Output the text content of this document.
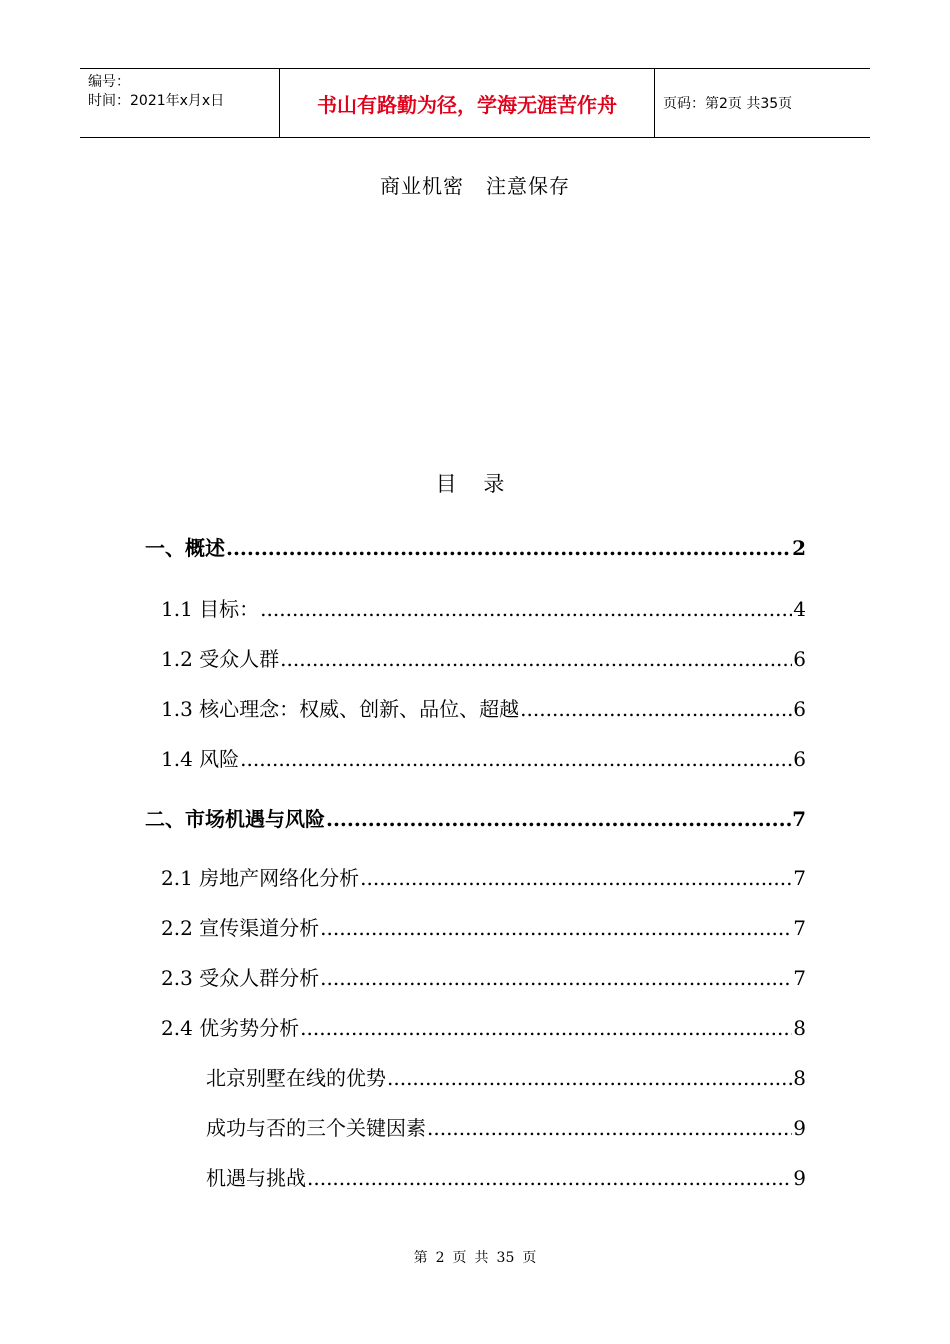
编号：
时间：2021年x月x日	书山有路勤为径，学海无涯苦作舟	页码：第2页 共35页
商业机密 注意保存
目 录
一、概述 .....	2
1.1 目标： .....	4
1.2 受众人群 .....	6
1.3 核心理念：权威、创新、品位、超越 .....	6
1.4 风险 .....	6
二、市场机遇与风险 .....	7
2.1 房地产网络化分析 .....	7
2.2 宣传渠道分析 .....	7
2.3 受众人群分析 .....	7
2.4 优劣势分析 .....	8
北京别墅在线的优势 .....	8
成功与否的三个关键因素 .....	9
机遇与挑战 .....	9
第 2 页 共 35 页
